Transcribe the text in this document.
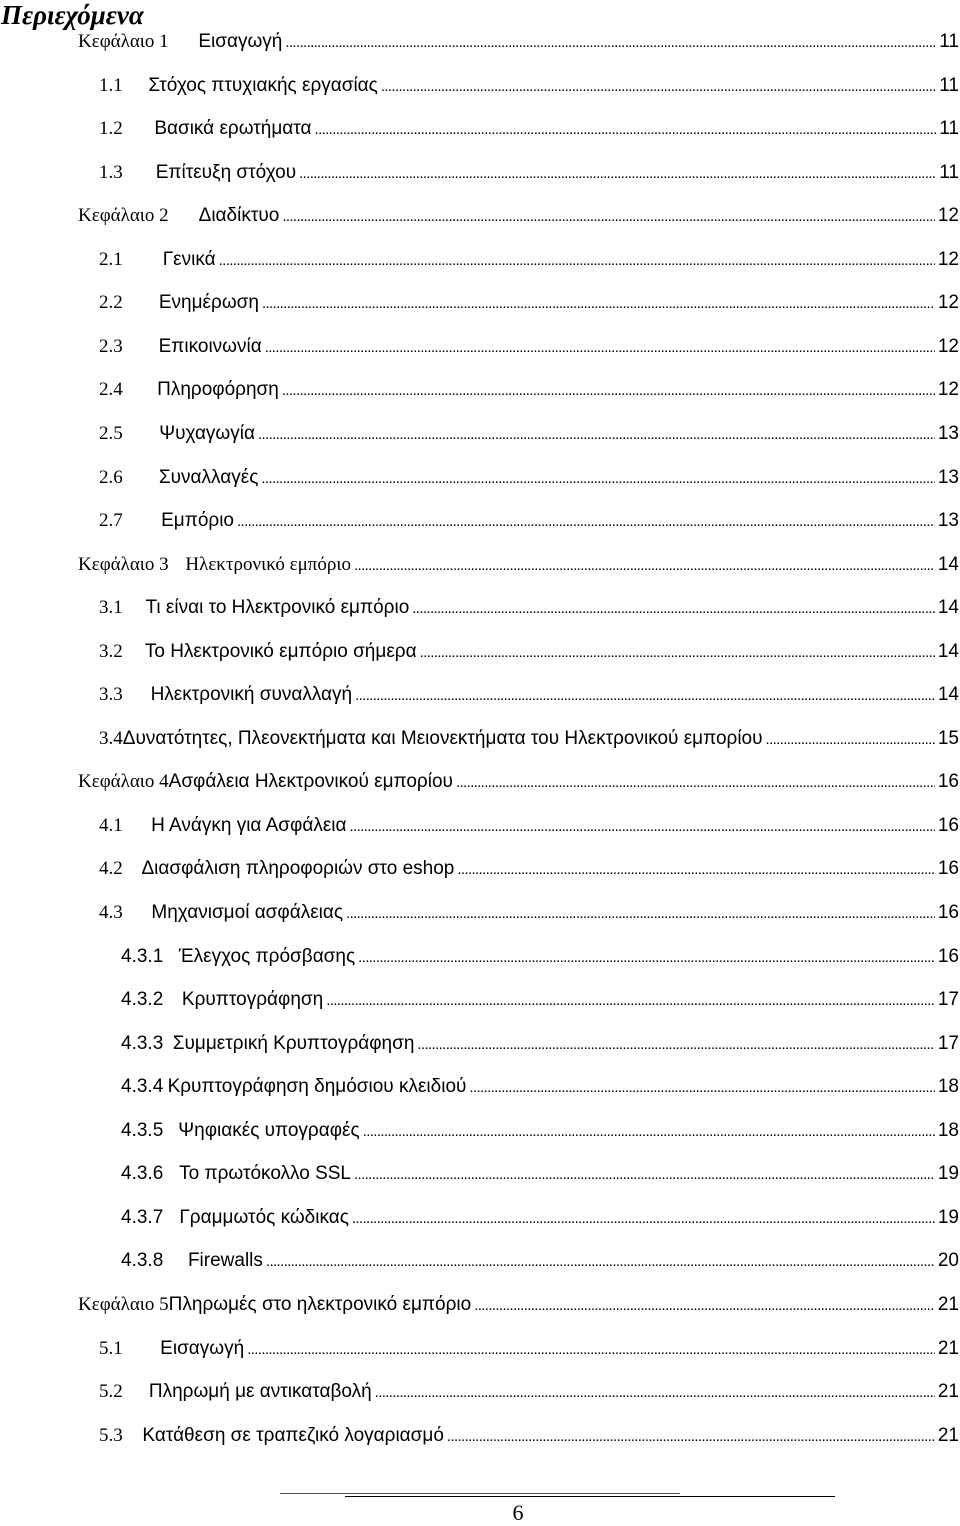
Περιεχόμενα
Κεφάλαιο 1	Εισαγωγή . . .	11
1.1	Στόχος πτυχιακής εργασίας . . .	11
1.2	Βασικά ερωτήματα . . .	11
1.3	Επίτευξη στόχου . . .	11
Κεφάλαιο 2	Διαδίκτυο . . .	12
2.1	Γενικά . . .	12
2.2	Ενημέρωση . . .	12
2.3	Επικοινωνία . . .	12
2.4	Πληροφόρηση . . .	12
2.5	Ψυχαγωγία . . .	13
2.6	Συναλλαγές . . .	13
2.7	Εμπόριο . . .	13
Κεφάλαιο 3 Ηλεκτρονικό εμπόριο . . .	14
3.1	Τι είναι το Ηλεκτρονικό εμπόριο . . .	14
3.2	Το Ηλεκτρονικό εμπόριο σήμερα . . .	14
3.3	Ηλεκτρονική συναλλαγή . . .	14
3.4 Δυνατότητες, Πλεονεκτήματα και Μειονεκτήματα του Ηλεκτρονικού εμπορίου . . .	15
Κεφάλαιο 4 Ασφάλεια Ηλεκτρονικού εμπορίου . . .	16
4.1	Η Ανάγκη για Ασφάλεια . . .	16
4.2 Διασφάλιση πληροφοριών στο eshop . . .	16
4.3	Μηχανισμοί ασφάλειας . . .	16
4.3.1 Έλεγχος πρόσβασης . . .	16
4.3.2 Κρυπτογράφηση . . .	17
4.3.3 Συμμετρική Κρυπτογράφηση . . .	17
4.3.4 Κρυπτογράφηση δημόσιου κλειδιού . . .	18
4.3.5 Ψηφιακές υπογραφές . . .	18
4.3.6 Το πρωτόκολλο SSL . . .	19
4.3.7 Γραμμωτός κώδικας . . .	19
4.3.8	Firewalls . . .	20
Κεφάλαιο 5 Πληρωμές στο ηλεκτρονικό εμπόριο . . .	21
5.1	Εισαγωγή . . .	21
5.2	Πληρωμή με αντικαταβολή . . .	21
5.3	Κατάθεση σε τραπεζικό λογαριασμό . . .	21
6
